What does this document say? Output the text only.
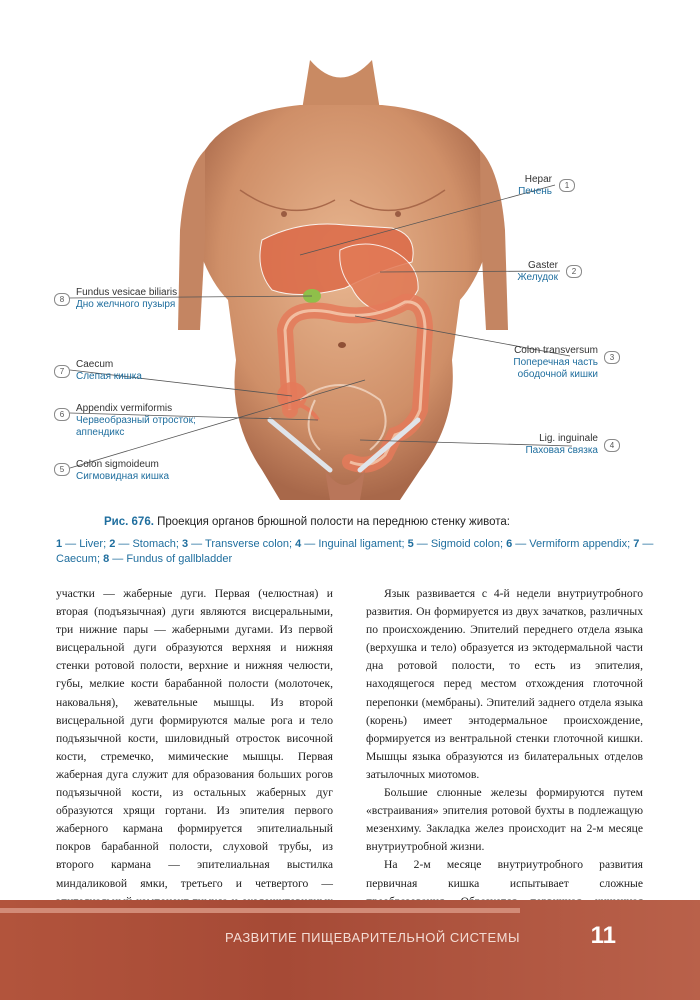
Hepar
Печень
1
Gaster
Желудок
2
Colon transversum
Поперечная часть
ободочной кишки
3
Lig. inguinale
Паховая связка	4
5	Colon sigmoideum
Сигмовидная кишка
6
Appendix vermiformis
Червеобразный отросток;
аппендикс
7
Caecum
Слепая кишка
8
Fundus vesicae biliaris
Дно желчного пузыря
Рис. 676. Проекция органов брюшной полости на переднюю стенку живота:
1 — Liver; 2 — Stomach; 3 — Transverse colon; 4 — Inguinal ligament; 5 — Sigmoid colon; 6 — Vermiform appendix; 7 — Caecum; 8 — Fundus of gallbladder

участки — жаберные дуги. Первая (челюстная) и вторая (подъязычная) дуги являются висцеральными, три нижние пары — жаберными дугами. Из первой висцеральной дуги образуются верхняя и нижняя стенки ротовой полости, верхние и нижняя челюсти, губы, мелкие кости барабанной полости (молоточек, наковальня), жевательные мышцы. Из второй висцеральной дуги формируются малые рога и тело подъязычной кости, шиловидный отросток височной кости, стремечко, мимические мышцы. Первая жаберная дуга служит для образования больших рогов подъязычной кости, из остальных жаберных дуг образуются хрящи гортани. Из эпителия первого жаберного кармана формируется эпителиальный покров барабанной полости, слуховой трубы, из второго кармана — эпителиальная выстилка миндаликовой ямки, третьего и четвертого —

Язык развивается с 4-й недели внутриутробного развития. Он формируется из двух зачатков, различных по происхождению. Эпителий переднего отдела языка (верхушка и тело) образуется из эктодермальной части дна ротовой полости, то есть из эпителия, находящегося перед местом отхождения глоточной перепонки (мембраны). Эпителий заднего отдела языка (корень) имеет энтодермальное происхождение, формируется из вентральной стенки глоточной кишки. Мышцы языка образуются из билатеральных отделов затылочных миотомов.

Большие слюнные железы формируются путем «встраивания» эпителия ротовой бухты в подлежащую мезенхиму. Закладка желез происходит на 2-м месяце внутриутробной жизни.

На 2-м месяце внутриутробного развития первичная кишка испытывает сложные

РАЗВИТИЕ ПИЩЕВАРИТЕЛЬНОЙ СИСТЕМЫ	11
